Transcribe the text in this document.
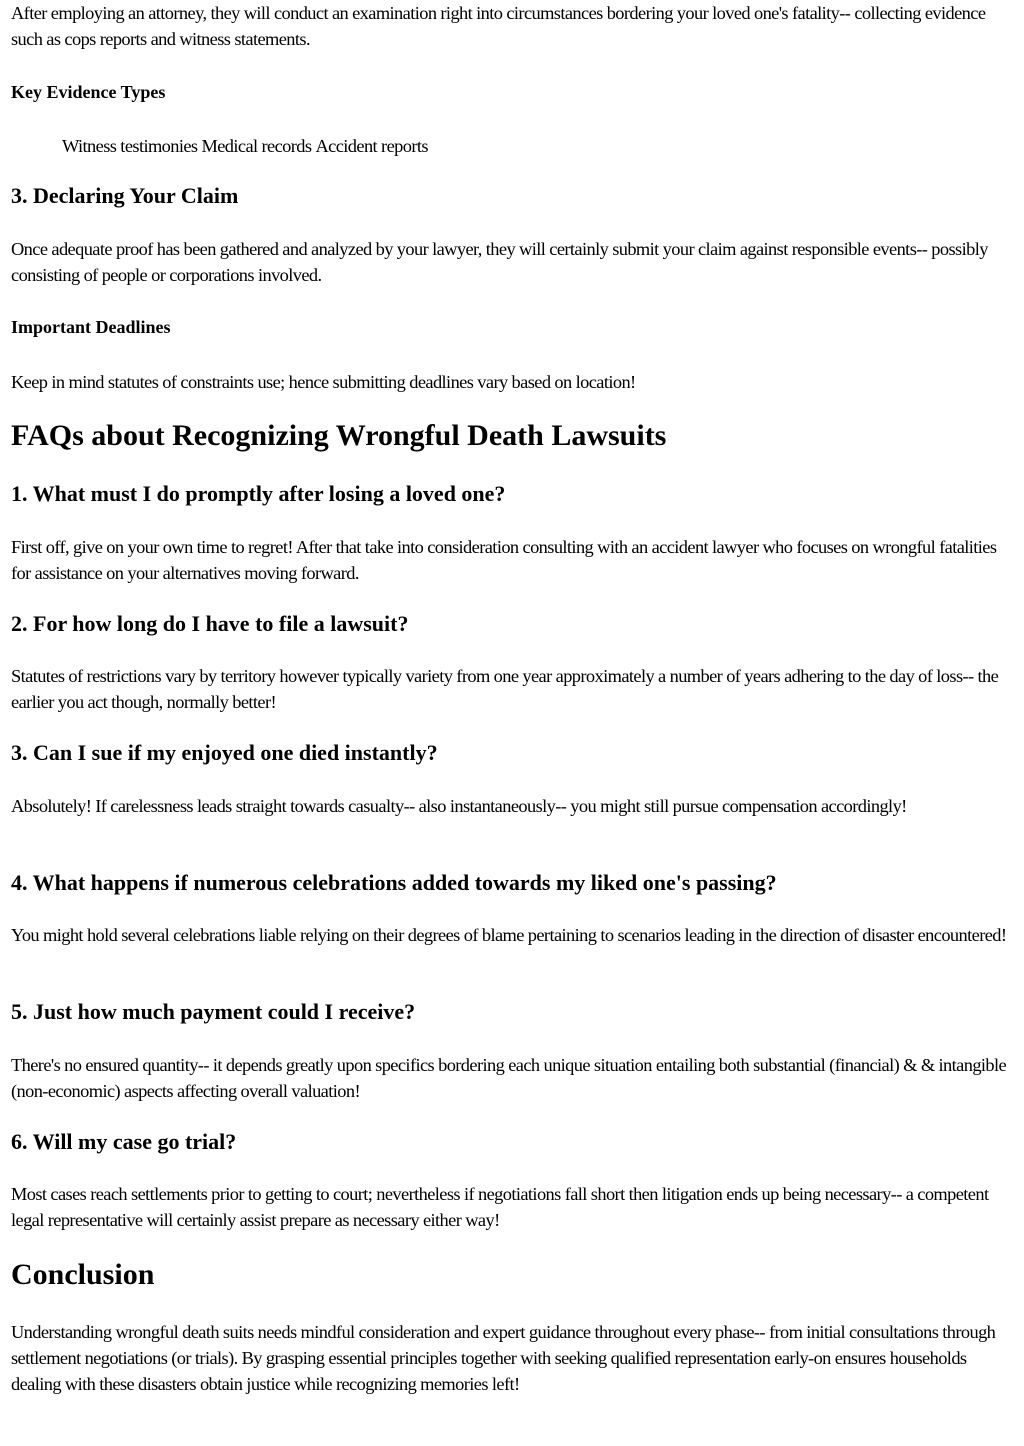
After employing an attorney, they will conduct an examination right into circumstances bordering your loved one's fatality-- collecting evidence such as cops reports and witness statements.

Key Evidence Types
Witness testimonies Medical records Accident reports
3. Declaring Your Claim

Once adequate proof has been gathered and analyzed by your lawyer, they will certainly submit your claim against responsible events-- possibly consisting of people or corporations involved.

Important Deadlines

Keep in mind statutes of constraints use; hence submitting deadlines vary based on location!

FAQs about Recognizing Wrongful Death Lawsuits
1. What must I do promptly after losing a loved one?

First off, give on your own time to regret! After that take into consideration consulting with an accident lawyer who focuses on wrongful fatalities for assistance on your alternatives moving forward.

2. For how long do I have to file a lawsuit?

Statutes of restrictions vary by territory however typically variety from one year approximately a number of years adhering to the day of loss-- the earlier you act though, normally better!

3. Can I sue if my enjoyed one died instantly?

Absolutely! If carelessness leads straight towards casualty-- also instantaneously-- you might still pursue compensation accordingly!

4. What happens if numerous celebrations added towards my liked one's passing?

You might hold several celebrations liable relying on their degrees of blame pertaining to scenarios leading in the direction of disaster encountered!

5. Just how much payment could I receive?

There's no ensured quantity-- it depends greatly upon specifics bordering each unique situation entailing both substantial (financial) & & intangible (non-economic) aspects affecting overall valuation!

6. Will my case go trial?

Most cases reach settlements prior to getting to court; nevertheless if negotiations fall short then litigation ends up being necessary-- a competent legal representative will certainly assist prepare as necessary either way!

Conclusion

Understanding wrongful death suits needs mindful consideration and expert guidance throughout every phase-- from initial consultations through settlement negotiations (or trials). By grasping essential principles together with seeking qualified representation early-on ensures households dealing with these disasters obtain justice while recognizing memories left!
